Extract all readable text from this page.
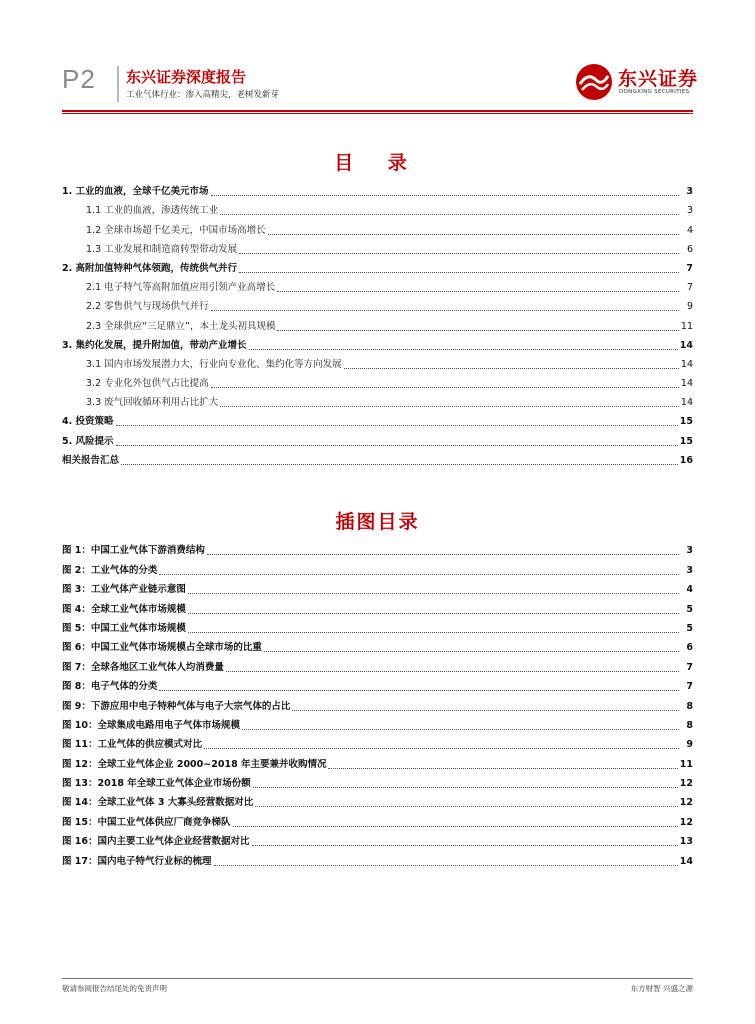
P2 东兴证券深度报告
工业气体行业：渗入高精尖，老树发新芽
东兴证券
DONGXING SECURITIES
目 录
1. 工业的血液，全球千亿美元市场	3
1.1 工业的血液，渗透传统工业	3
1.2 全球市场超千亿美元，中国市场高增长	4
1.3 工业发展和制造商转型带动发展	6
2. 高附加值特种气体领跑，传统供气并行	7
2.1 电子特气等高附加值应用引领产业高增长	7
2.2 零售供气与现场供气并行	9
2.3 全球供应“三足鼎立”，本土龙头初具规模	11
3. 集约化发展，提升附加值，带动产业增长	14
3.1 国内市场发展潜力大，行业向专业化、集约化等方向发展	14
3.2 专业化外包供气占比提高	14
3.3 废气回收循环利用占比扩大	14
4. 投资策略	15
5. 风险提示	15
相关报告汇总	16
插图目录
图 1：中国工业气体下游消费结构	3
图 2：工业气体的分类	3
图 3：工业气体产业链示意图	4
图 4：全球工业气体市场规模	5
图 5：中国工业气体市场规模	5
图 6：中国工业气体市场规模占全球市场的比重	6
图 7：全球各地区工业气体人均消费量	7
图 8：电子气体的分类	7
图 9：下游应用中电子特种气体与电子大宗气体的占比	8
图 10：全球集成电路用电子气体市场规模	8
图 11：工业气体的供应模式对比	9
图 12：全球工业气体企业 2000~2018 年主要兼并收购情况	11
图 13：2018 年全球工业气体企业市场份额	12
图 14：全球工业气体 3 大寡头经营数据对比	12
图 15：中国工业气体供应厂商竞争梯队	12
图 16：国内主要工业气体企业经营数据对比	13
图 17：国内电子特气行业标的梳理	14
敬请参阅报告结尾处的免责声明	东方财智 兴盛之源
